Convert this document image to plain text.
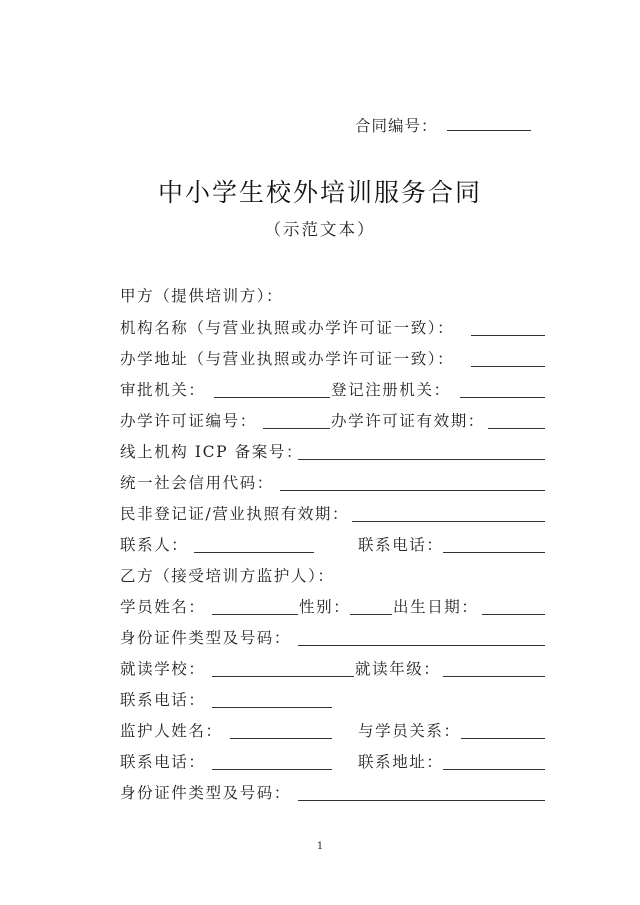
合同编号：
中小学生校外培训服务合同
（示范文本）
甲方（提供培训方）：
机构名称（与营业执照或办学许可证一致）：
办学地址（与营业执照或办学许可证一致）：
审批机关：	登记注册机关：
办学许可证编号：	办学许可证有效期：
线上机构 ICP 备案号：
统一社会信用代码：
民非登记证/营业执照有效期：
联系人：	联系电话：
乙方（接受培训方监护人）：
学员姓名：	性别：	出生日期：
身份证件类型及号码：
就读学校：	就读年级：
联系电话：
监护人姓名：	与学员关系：
联系电话：	联系地址：
身份证件类型及号码：
1
